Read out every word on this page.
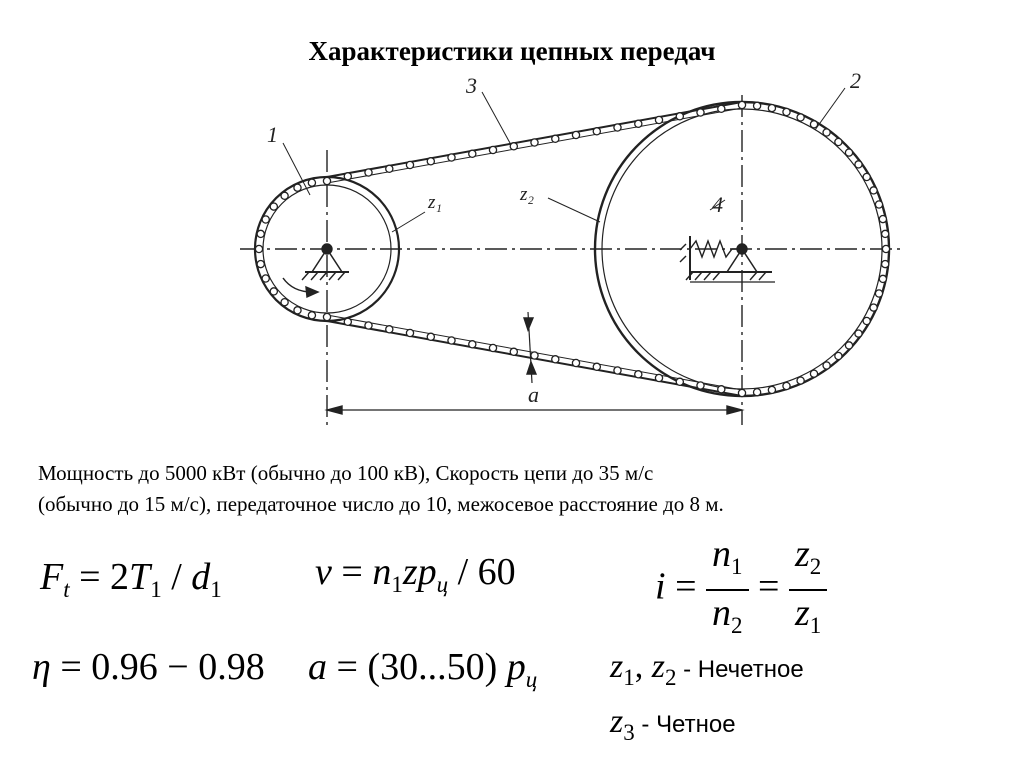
Характеристики цепных передач
1
2
3
4
z₁	z₂
a
Мощность до 5000 кВт (обычно до 100 кВ), Скорость цепи до 35 м/с
(обычно до 15 м/с), передаточное число до 10, межосевое расстояние до 8 м.
$F_t = 2T_1 / d_1$ $v = n_1zp_ц / 60$	$i = \frac{n_1}{n_2} = \frac{z_2}{z_1}$
η = 0.96 − 0.98 a = (30...50) $p_ц$ $z_1$, $z_2$ - Нечетное
$z_3$ - Четное
